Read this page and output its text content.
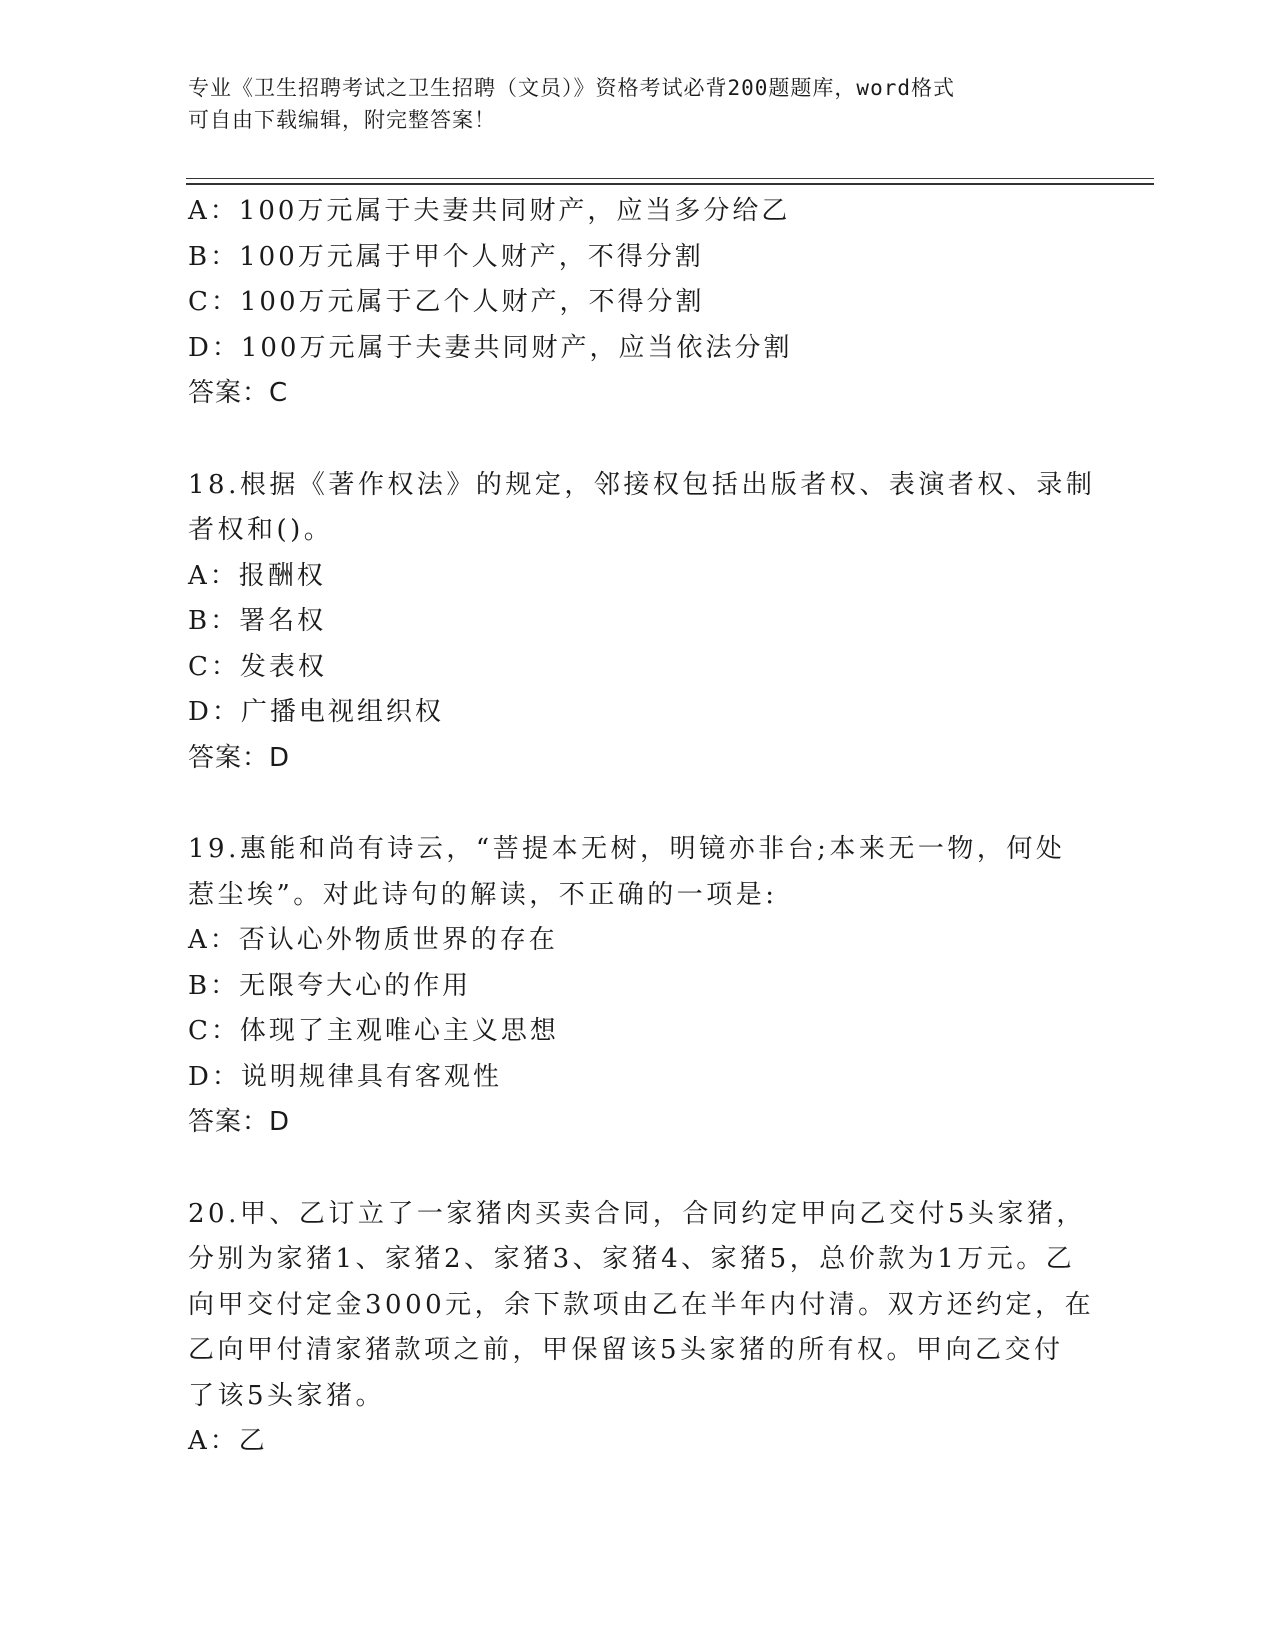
专业《卫生招聘考试之卫生招聘（文员）》资格考试必背200题题库，word格式
可自由下载编辑，附完整答案！
A：100万元属于夫妻共同财产，应当多分给乙
B：100万元属于甲个人财产，不得分割
C：100万元属于乙个人财产，不得分割
D：100万元属于夫妻共同财产，应当依法分割
答案：C
18.根据《著作权法》的规定，邻接权包括出版者权、表演者权、录制
者权和()。
A：报酬权
B：署名权
C：发表权
D：广播电视组织权
答案：D
19.惠能和尚有诗云，“菩提本无树，明镜亦非台;本来无一物，何处
惹尘埃”。对此诗句的解读，不正确的一项是:
A：否认心外物质世界的存在
B：无限夸大心的作用
C：体现了主观唯心主义思想
D：说明规律具有客观性
答案：D
20.甲、乙订立了一家猪肉买卖合同，合同约定甲向乙交付5头家猪，
分别为家猪1、家猪2、家猪3、家猪4、家猪5，总价款为1万元。乙
向甲交付定金3000元，余下款项由乙在半年内付清。双方还约定，在
乙向甲付清家猪款项之前，甲保留该5头家猪的所有权。甲向乙交付
了该5头家猪。
A：乙
